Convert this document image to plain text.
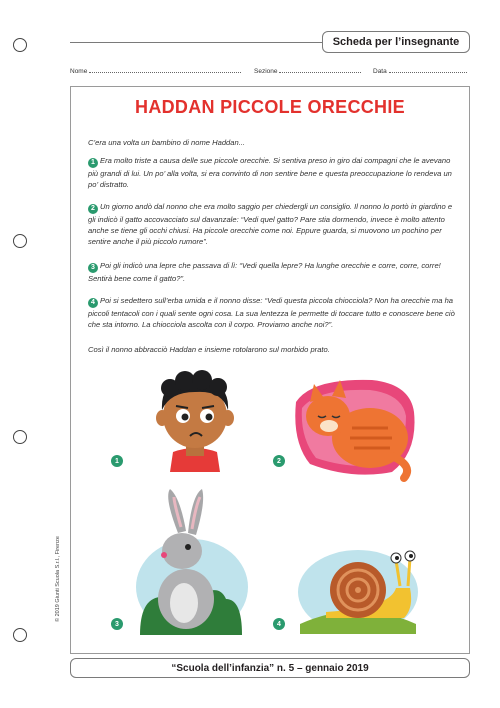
Scheda per l’insegnante
Nome	Sezione	Data
HADDAN PICCOLE ORECCHIE

C’era una volta un bambino di nome Haddan...

1 Era molto triste a causa delle sue piccole orecchie. Si sentiva preso in giro dai compagni che le avevano più grandi di lui. Un po’ alla volta, si era convinto di non sentire bene e questa preoccupazione lo rendeva un po’ distratto.

2 Un giorno andò dal nonno che era molto saggio per chiedergli un consiglio. Il nonno lo portò in giardino e gli indicò il gatto accovacciato sul davanzale: “Vedi quel gatto? Pare stia dormendo, invece è molto attento anche se tiene gli occhi chiusi. Ha piccole orecchie come noi. Eppure guarda, si muovono un pochino per sentire anche il più piccolo rumore”.

3 Poi gli indicò una lepre che passava di lì: “Vedi quella lepre? Ha lunghe orecchie e corre, corre, corre! Sentirà bene come il gatto?”.

4 Poi si sedettero sull’erba umida e il nonno disse: “Vedi questa piccola chiocciola? Non ha orecchie ma ha piccoli tentacoli con i quali sente ogni cosa. La sua lentezza le permette di toccare tutto e conoscere bene ciò che sta intorno. La chiocciola ascolta con il corpo. Proviamo anche noi?”.

Così il nonno abbracciò Haddan e insieme rotolarono sul morbido prato.

1	2
3	4
© 2019 Giunti Scuola S.r.l., Firenze
“Scuola dell’infanzia” n. 5 – gennaio 2019
